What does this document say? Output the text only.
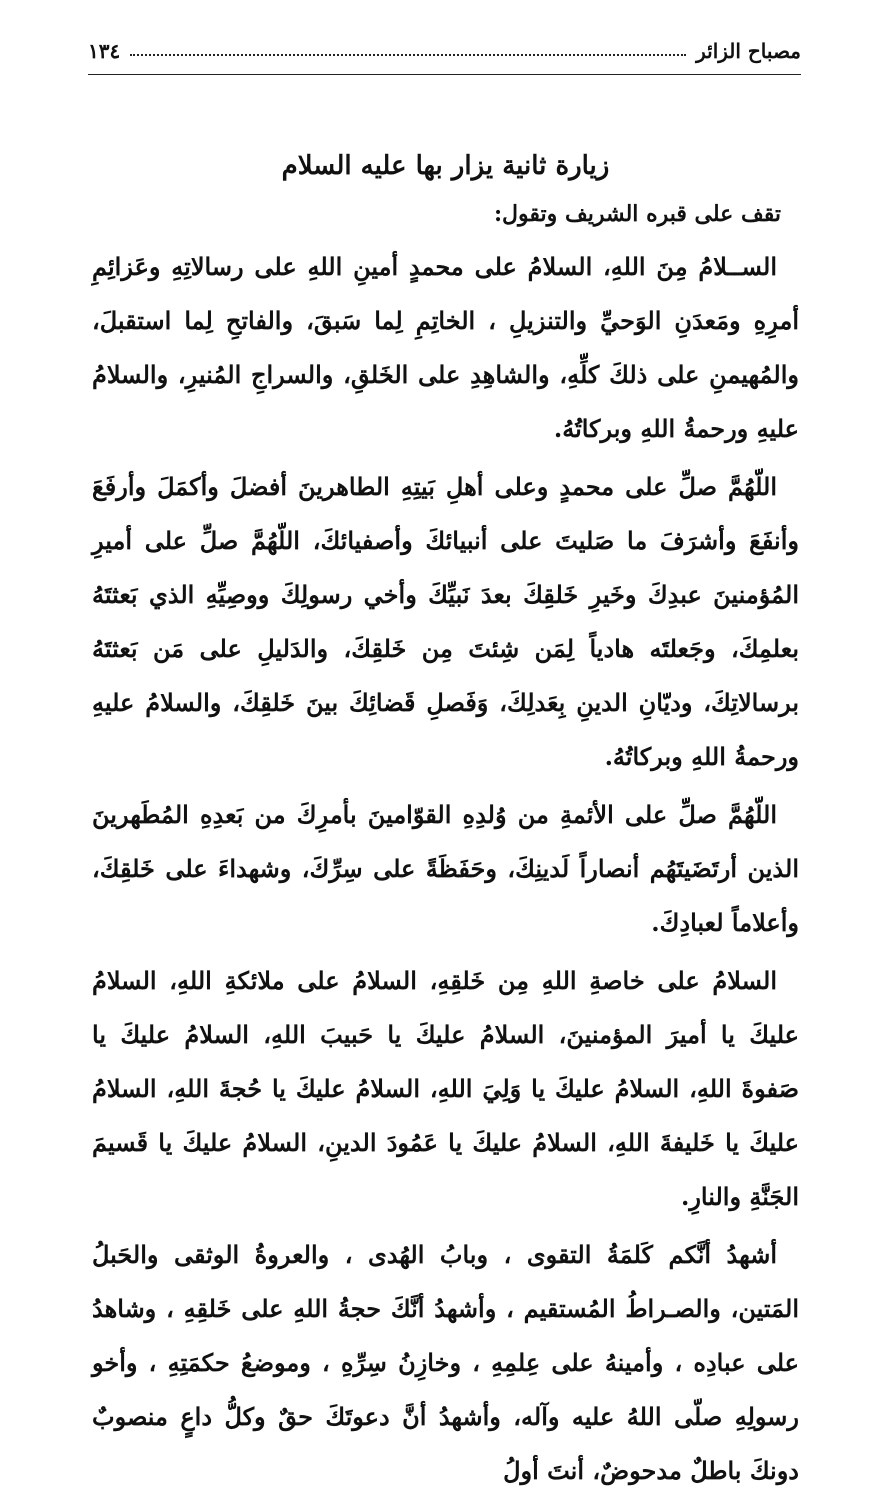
مصباح الزائر
١٣٤
زيارة ثانية يزار بها عليه السلام
تقف على قبره الشريف وتقول:

الســلامُ مِنَ اللهِ، السلامُ على محمدٍ أمينِ اللهِ على رسالاتِهِ وعَزائِمِ أمرِهِ ومَعدَنِ الوَحيِّ والتنزيلِ ، الخاتِمِ لِما سَبقَ، والفاتحِ لِما استقبلَ، والمُهيمنِ على ذلكَ كلِّهِ، والشاهِدِ على الخَلقِ، والسراجِ المُنيرِ، والسلامُ عليهِ ورحمةُ اللهِ وبركاتُهُ.

اللّهُمَّ صلِّ على محمدٍ وعلى أهلِ بَيتِهِ الطاهرينَ أفضلَ وأكمَلَ وأرفَعَ وأنفَعَ وأشرَفَ ما صَليتَ على أنبيائكَ وأصفيائكَ، اللّهُمَّ صلِّ على أميرِ المُؤمنينَ عبدِكَ وخَيرِ خَلقِكَ بعدَ نَبيِّكَ وأخي رسولِكَ ووصِيِّهِ الذي بَعثتَهُ بعلمِكَ، وجَعلتَه هادياً لِمَن شِئتَ مِن خَلقِكَ، والدَليلِ على مَن بَعثتَهُ برسالاتِكَ، وديّانِ الدينِ بِعَدلِكَ، وَفَصلِ قَضائِكَ بينَ خَلقِكَ، والسلامُ عليهِ ورحمةُ اللهِ وبركاتُهُ.

اللّهُمَّ صلِّ على الأئمةِ من وُلدِهِ القوّامينَ بأمرِكَ من بَعدِهِ المُطَهرينَ الذين أرتَضَيتَهُم أنصاراً لَدينِكَ، وحَفَظَةً على سِرِّكَ، وشهداءَ على خَلقِكَ، وأعلاماً لعبادِكَ.

السلامُ على خاصةِ اللهِ مِن خَلقِهِ، السلامُ على ملائكةِ اللهِ، السلامُ عليكَ يا أميرَ المؤمنينَ، السلامُ عليكَ يا حَبيبَ اللهِ، السلامُ عليكَ يا صَفوةَ اللهِ، السلامُ عليكَ يا وَلِيَ اللهِ، السلامُ عليكَ يا حُجةَ اللهِ، السلامُ عليكَ يا خَليفةَ اللهِ، السلامُ عليكَ يا عَمُودَ الدينِ، السلامُ عليكَ يا قَسيمَ الجَنَّةِ والنارِ.

أشهدُ أنَّكم كَلمَةُ التقوى ، وبابُ الهُدى ، والعروةُ الوثقى والحَبلُ المَتين، والصـراطُ المُستقيم ، وأشهدُ أنَّكَ حجةُ اللهِ على خَلقِهِ ، وشاهدُ على عبادِه ، وأمينهُ على عِلمِهِ ، وخازِنُ سِرِّهِ ، وموضعُ حكمَتِهِ ، وأخو رسولِهِ صلّى اللهُ عليه وآله، وأشهدُ أنَّ دعوتَكَ حقٌ وكلُّ داعٍ منصوبٌ دونكَ باطلٌ مدحوضٌ، أنتَ أولُ
